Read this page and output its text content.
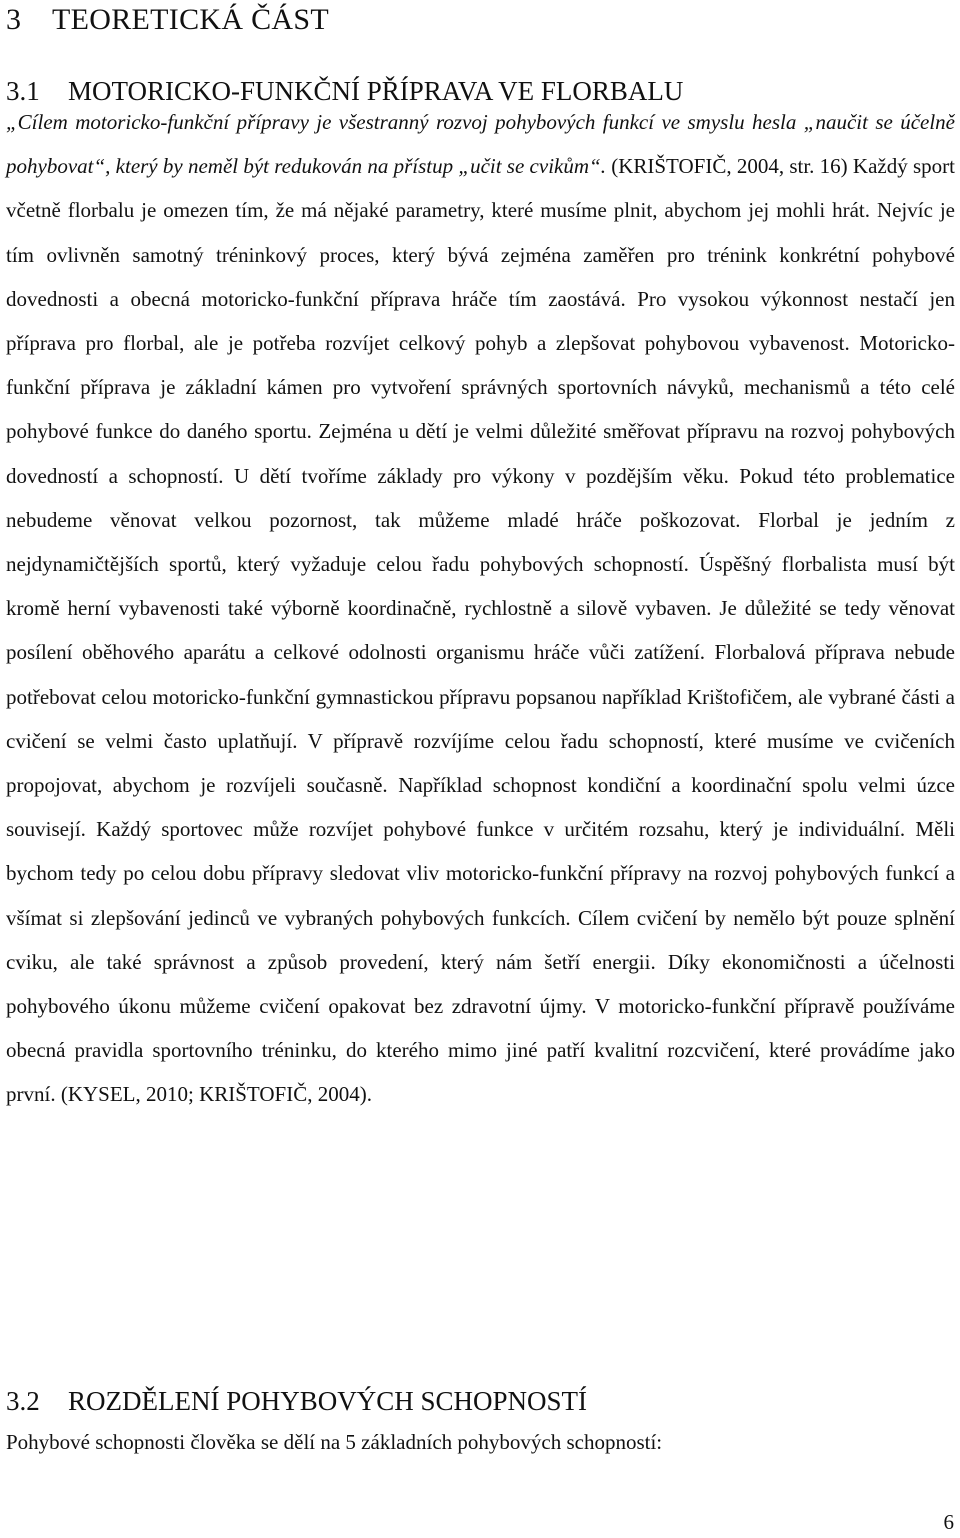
3 TEORETICKÁ ČÁST
3.1 MOTORICKO-FUNKČNÍ PŘÍPRAVA VE FLORBALU
„Cílem motoricko-funkční přípravy je všestranný rozvoj pohybových funkcí ve smyslu hesla „naučit se účelně pohybovat“, který by neměl být redukován na přístup „učit se cvikům“. (KRIŠTOFIČ, 2004, str. 16) Každý sport včetně florbalu je omezen tím, že má nějaké parametry, které musíme plnit, abychom jej mohli hrát. Nejvíc je tím ovlivněn samotný tréninkový proces, který bývá zejména zaměřen pro trénink konkrétní pohybové dovednosti a obecná motoricko-funkční příprava hráče tím zaostává. Pro vysokou výkonnost nestačí jen příprava pro florbal, ale je potřeba rozvíjet celkový pohyb a zlepšovat pohybovou vybavenost. Motoricko-funkční příprava je základní kámen pro vytvoření správných sportovních návyků, mechanismů a této celé pohybové funkce do daného sportu. Zejména u dětí je velmi důležité směřovat přípravu na rozvoj pohybových dovedností a schopností. U dětí tvoříme základy pro výkony v pozdějším věku. Pokud této problematice nebudeme věnovat velkou pozornost, tak můžeme mladé hráče poškozovat. Florbal je jedním z nejdynamičtějších sportů, který vyžaduje celou řadu pohybových schopností. Úspěšný florbalista musí být kromě herní vybavenosti také výborně koordinačně, rychlostně a silově vybaven. Je důležité se tedy věnovat posílení oběhového aparátu a celkové odolnosti organismu hráče vůči zatížení. Florbalová příprava nebude potřebovat celou motoricko-funkční gymnastickou přípravu popsanou například Krištofičem, ale vybrané části a cvičení se velmi často uplatňují. V přípravě rozvíjíme celou řadu schopností, které musíme ve cvičeních propojovat, abychom je rozvíjeli současně. Například schopnost kondiční a koordinační spolu velmi úzce souvisejí. Každý sportovec může rozvíjet pohybové funkce v určitém rozsahu, který je individuální. Měli bychom tedy po celou dobu přípravy sledovat vliv motoricko-funkční přípravy na rozvoj pohybových funkcí a všímat si zlepšování jedinců ve vybraných pohybových funkcích. Cílem cvičení by nemělo být pouze splnění cviku, ale také správnost a způsob provedení, který nám šetří energii. Díky ekonomičnosti a účelnosti pohybového úkonu můžeme cvičení opakovat bez zdravotní újmy. V motoricko-funkční přípravě používáme obecná pravidla sportovního tréninku, do kterého mimo jiné patří kvalitní rozcvičení, které provádíme jako první. (KYSEL, 2010; KRIŠTOFIČ, 2004).
3.2 ROZDĚLENÍ POHYBOVÝCH SCHOPNOSTÍ
Pohybové schopnosti člověka se dělí na 5 základních pohybových schopností:
6
